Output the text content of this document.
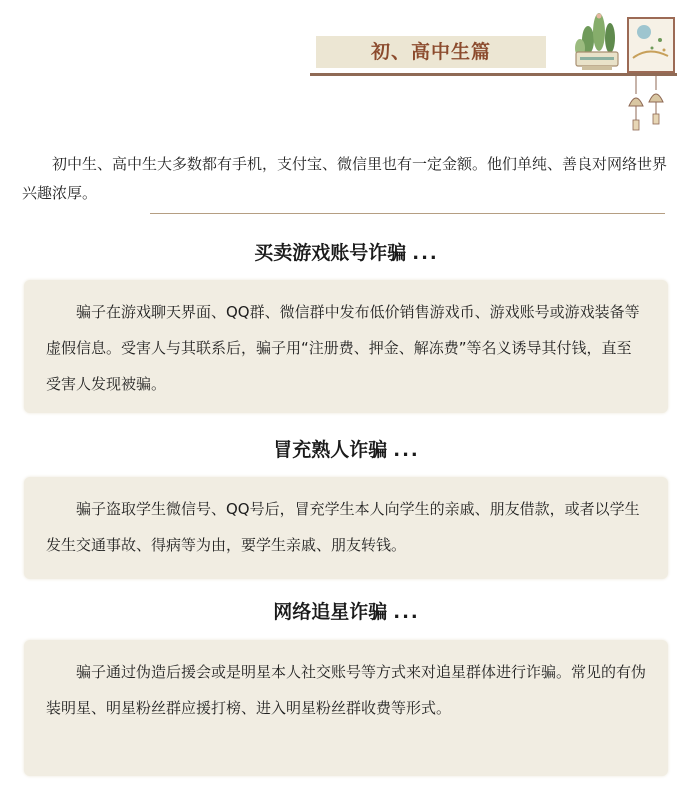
初、高中生篇

初中生、高中生大多数都有手机，支付宝、微信里也有一定金额。他们单纯、善良对网络世界兴趣浓厚。

买卖游戏账号诈骗 ...

骗子在游戏聊天界面、QQ群、微信群中发布低价销售游戏币、游戏账号或游戏装备等虚假信息。受害人与其联系后，骗子用“注册费、押金、解冻费”等名义诱导其付钱，直至受害人发现被骗。

冒充熟人诈骗 ...

骗子盗取学生微信号、QQ号后，冒充学生本人向学生的亲戚、朋友借款，或者以学生发生交通事故、得病等为由，要学生亲戚、朋友转钱。

网络追星诈骗 ...

骗子通过伪造后援会或是明星本人社交账号等方式来对追星群体进行诈骗。常见的有伪装明星、明星粉丝群应援打榜、进入明星粉丝群收费等形式。
